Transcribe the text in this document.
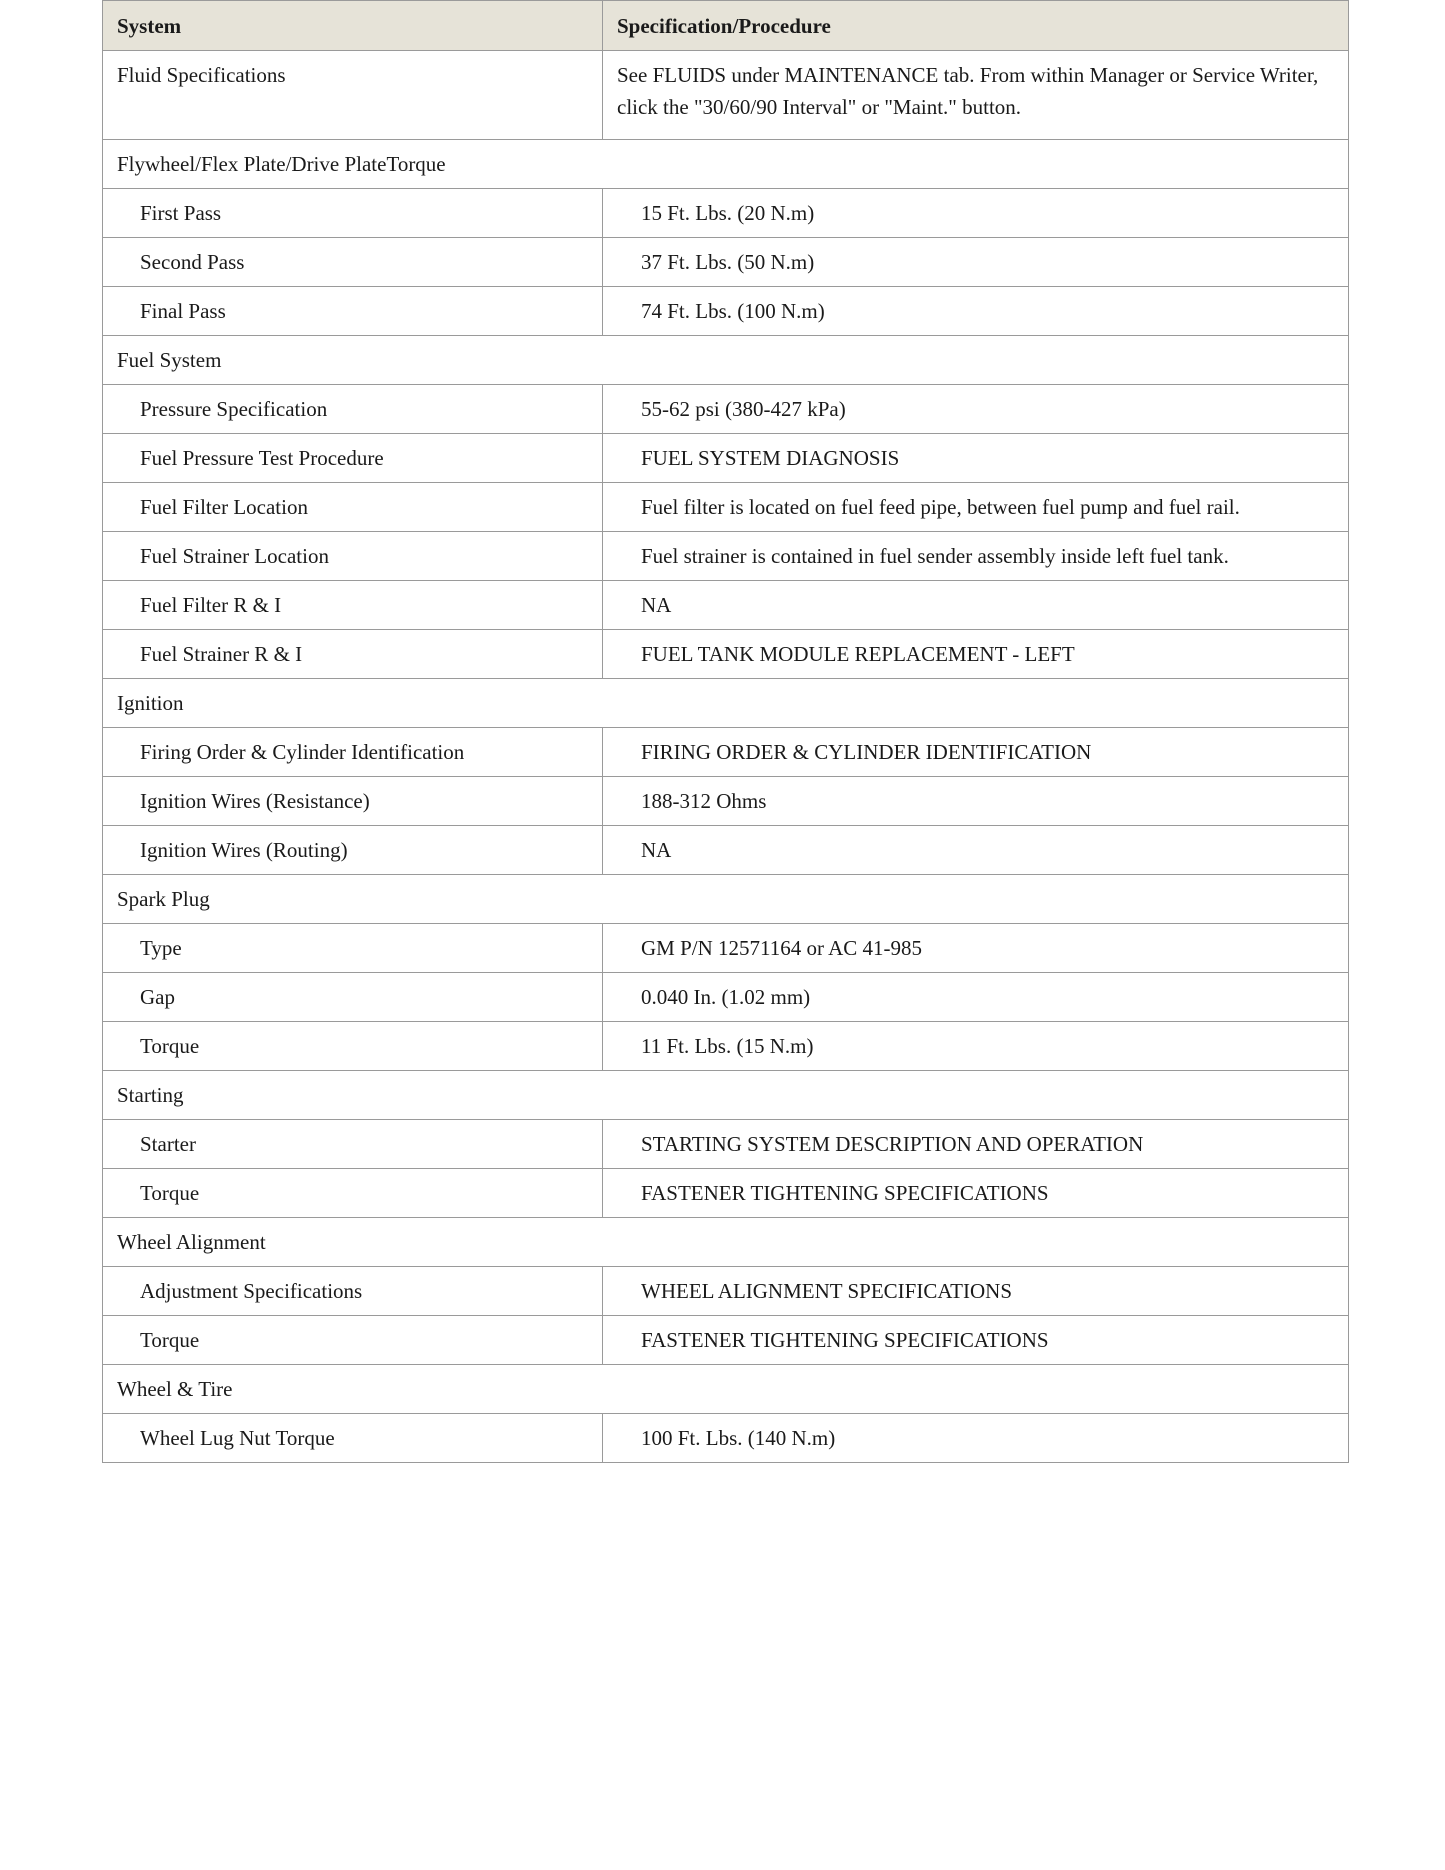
System	Specification/Procedure
Fluid Specifications	See FLUIDS under MAINTENANCE tab. From within Manager or Service Writer, click the "30/60/90 Interval" or "Maint." button.
Flywheel/Flex Plate/Drive PlateTorque	
First Pass	15 Ft. Lbs. (20 N.m)
Second Pass	37 Ft. Lbs. (50 N.m)
Final Pass	74 Ft. Lbs. (100 N.m)
Fuel System	
Pressure Specification	55-62 psi (380-427 kPa)
Fuel Pressure Test Procedure	FUEL SYSTEM DIAGNOSIS
Fuel Filter Location	Fuel filter is located on fuel feed pipe, between fuel pump and fuel rail.
Fuel Strainer Location	Fuel strainer is contained in fuel sender assembly inside left fuel tank.
Fuel Filter R & I	NA
Fuel Strainer R & I	FUEL TANK MODULE REPLACEMENT - LEFT
Ignition	
Firing Order & Cylinder Identification	FIRING ORDER & CYLINDER IDENTIFICATION
Ignition Wires (Resistance)	188-312 Ohms
Ignition Wires (Routing)	NA
Spark Plug	
Type	GM P/N 12571164 or AC 41-985
Gap	0.040 In. (1.02 mm)
Torque	11 Ft. Lbs. (15 N.m)
Starting	
Starter	STARTING SYSTEM DESCRIPTION AND OPERATION
Torque	FASTENER TIGHTENING SPECIFICATIONS
Wheel Alignment	
Adjustment Specifications	WHEEL ALIGNMENT SPECIFICATIONS
Torque	FASTENER TIGHTENING SPECIFICATIONS
Wheel & Tire	
Wheel Lug Nut Torque	100 Ft. Lbs. (140 N.m)
